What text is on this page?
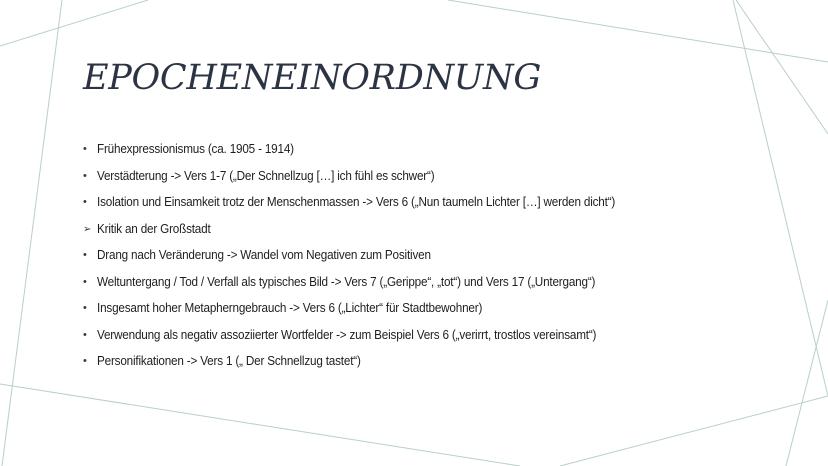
EPOCHENEINORDNUNG
• Frühexpressionismus (ca. 1905 - 1914)
• Verstädterung -> Vers 1-7 („Der Schnellzug […] ich fühl es schwer“)
• Isolation und Einsamkeit trotz der Menschenmassen -> Vers 6 („Nun taumeln Lichter […] werden dicht“)
➢ Kritik an der Großstadt
• Drang nach Veränderung -> Wandel vom Negativen zum Positiven
• Weltuntergang / Tod / Verfall als typisches Bild -> Vers 7 („Gerippe“, „tot“) und Vers 17 („Untergang“)
• Insgesamt hoher Metapherngebrauch -> Vers 6 („Lichter“ für Stadtbewohner)
• Verwendung als negativ assoziierter Wortfelder -> zum Beispiel Vers 6 („verirrt, trostlos vereinsamt“)
• Personifikationen -> Vers 1 („ Der Schnellzug tastet“)
